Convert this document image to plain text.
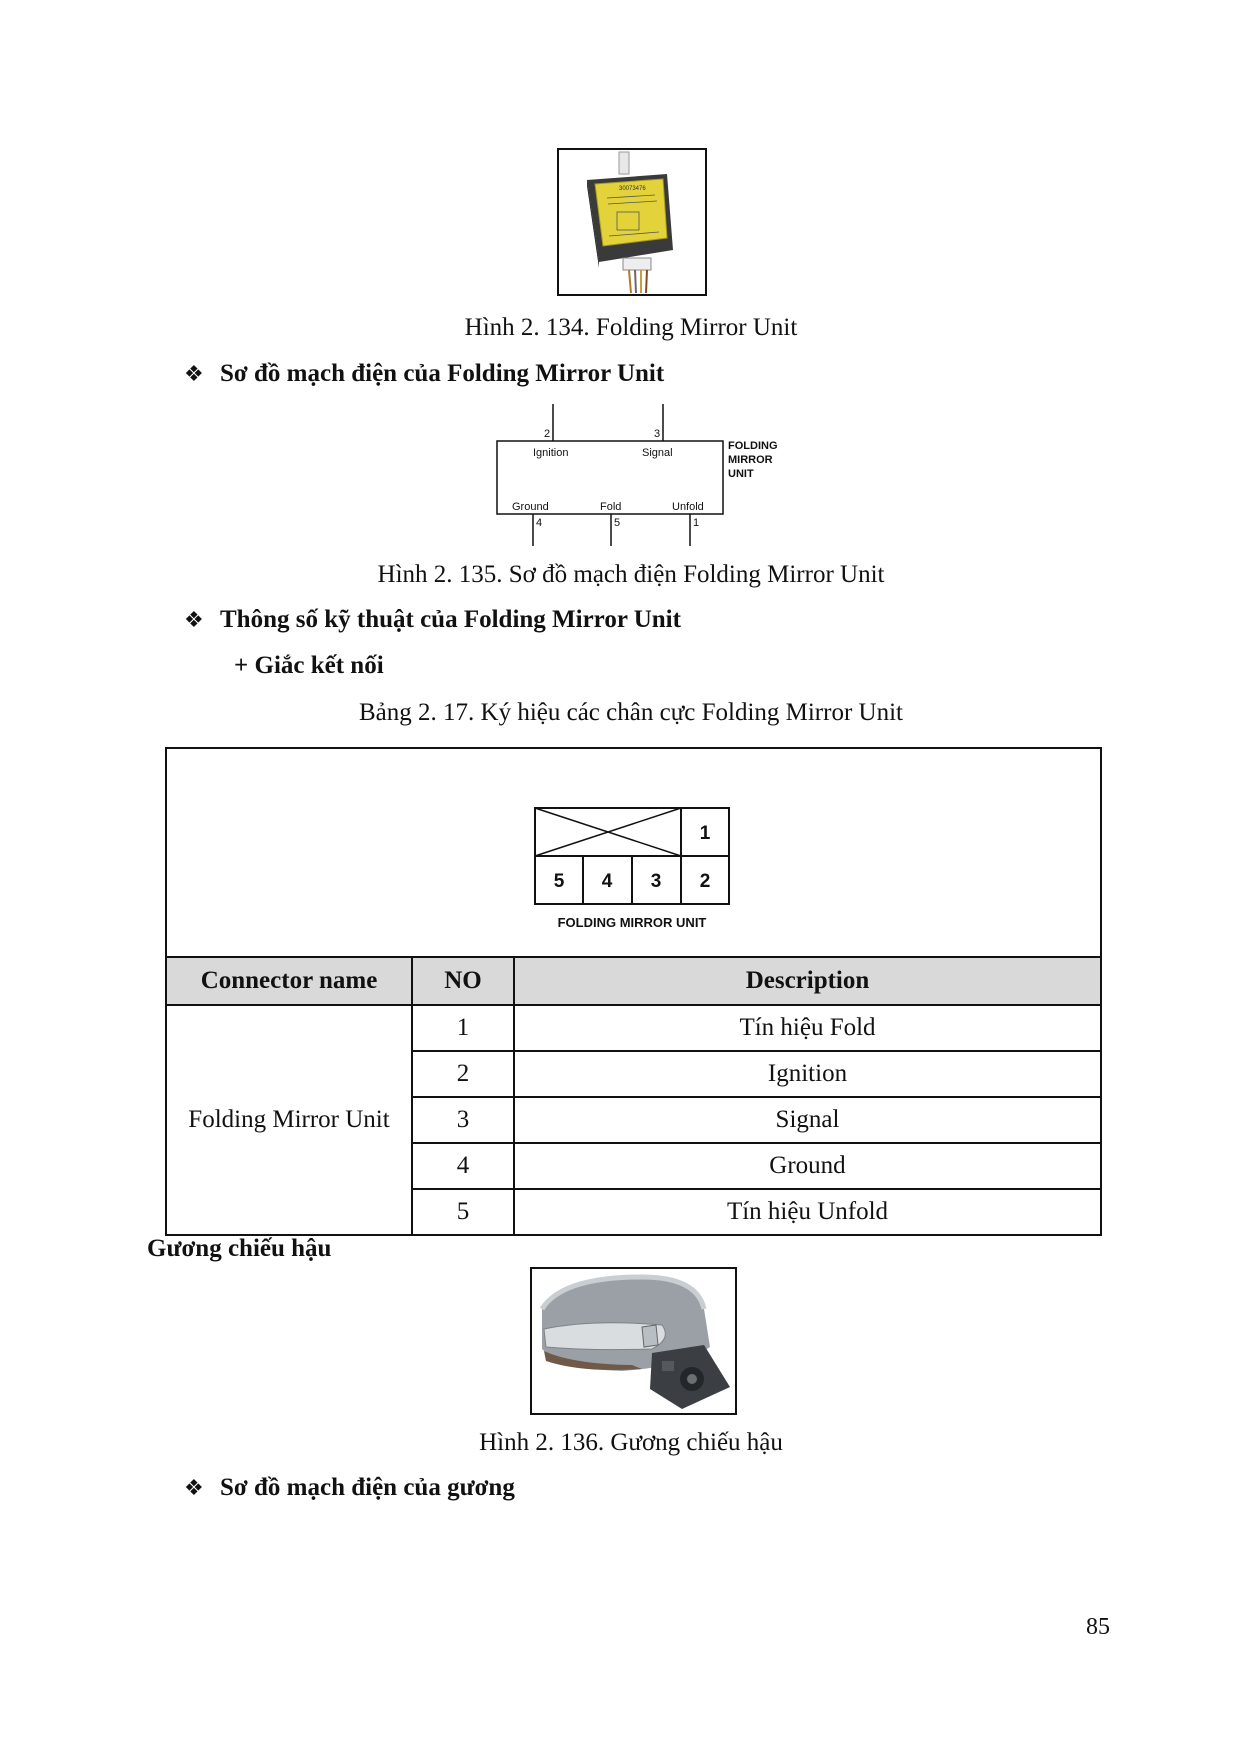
30073476
Hình 2. 134. Folding Mirror Unit
❖ Sơ đồ mạch điện của Folding Mirror Unit
2	3
Ignition	Signal
Ground	Fold	Unfold
4	5	1
FOLDING
MIRROR
UNIT
Hình 2. 135. Sơ đồ mạch điện Folding Mirror Unit
❖ Thông số kỹ thuật của Folding Mirror Unit
+ Giắc kết nối
Bảng 2. 17. Ký hiệu các chân cực Folding Mirror Unit
1
5 4 3 2
FOLDING MIRROR UNIT
Connector name	NO	Description
Folding Mirror Unit	1	Tín hiệu Fold
	2	Ignition
	3	Signal
	4	Ground
	5	Tín hiệu Unfold
Gương chiếu hậu
Hình 2. 136. Gương chiếu hậu
❖ Sơ đồ mạch điện của gương
85
